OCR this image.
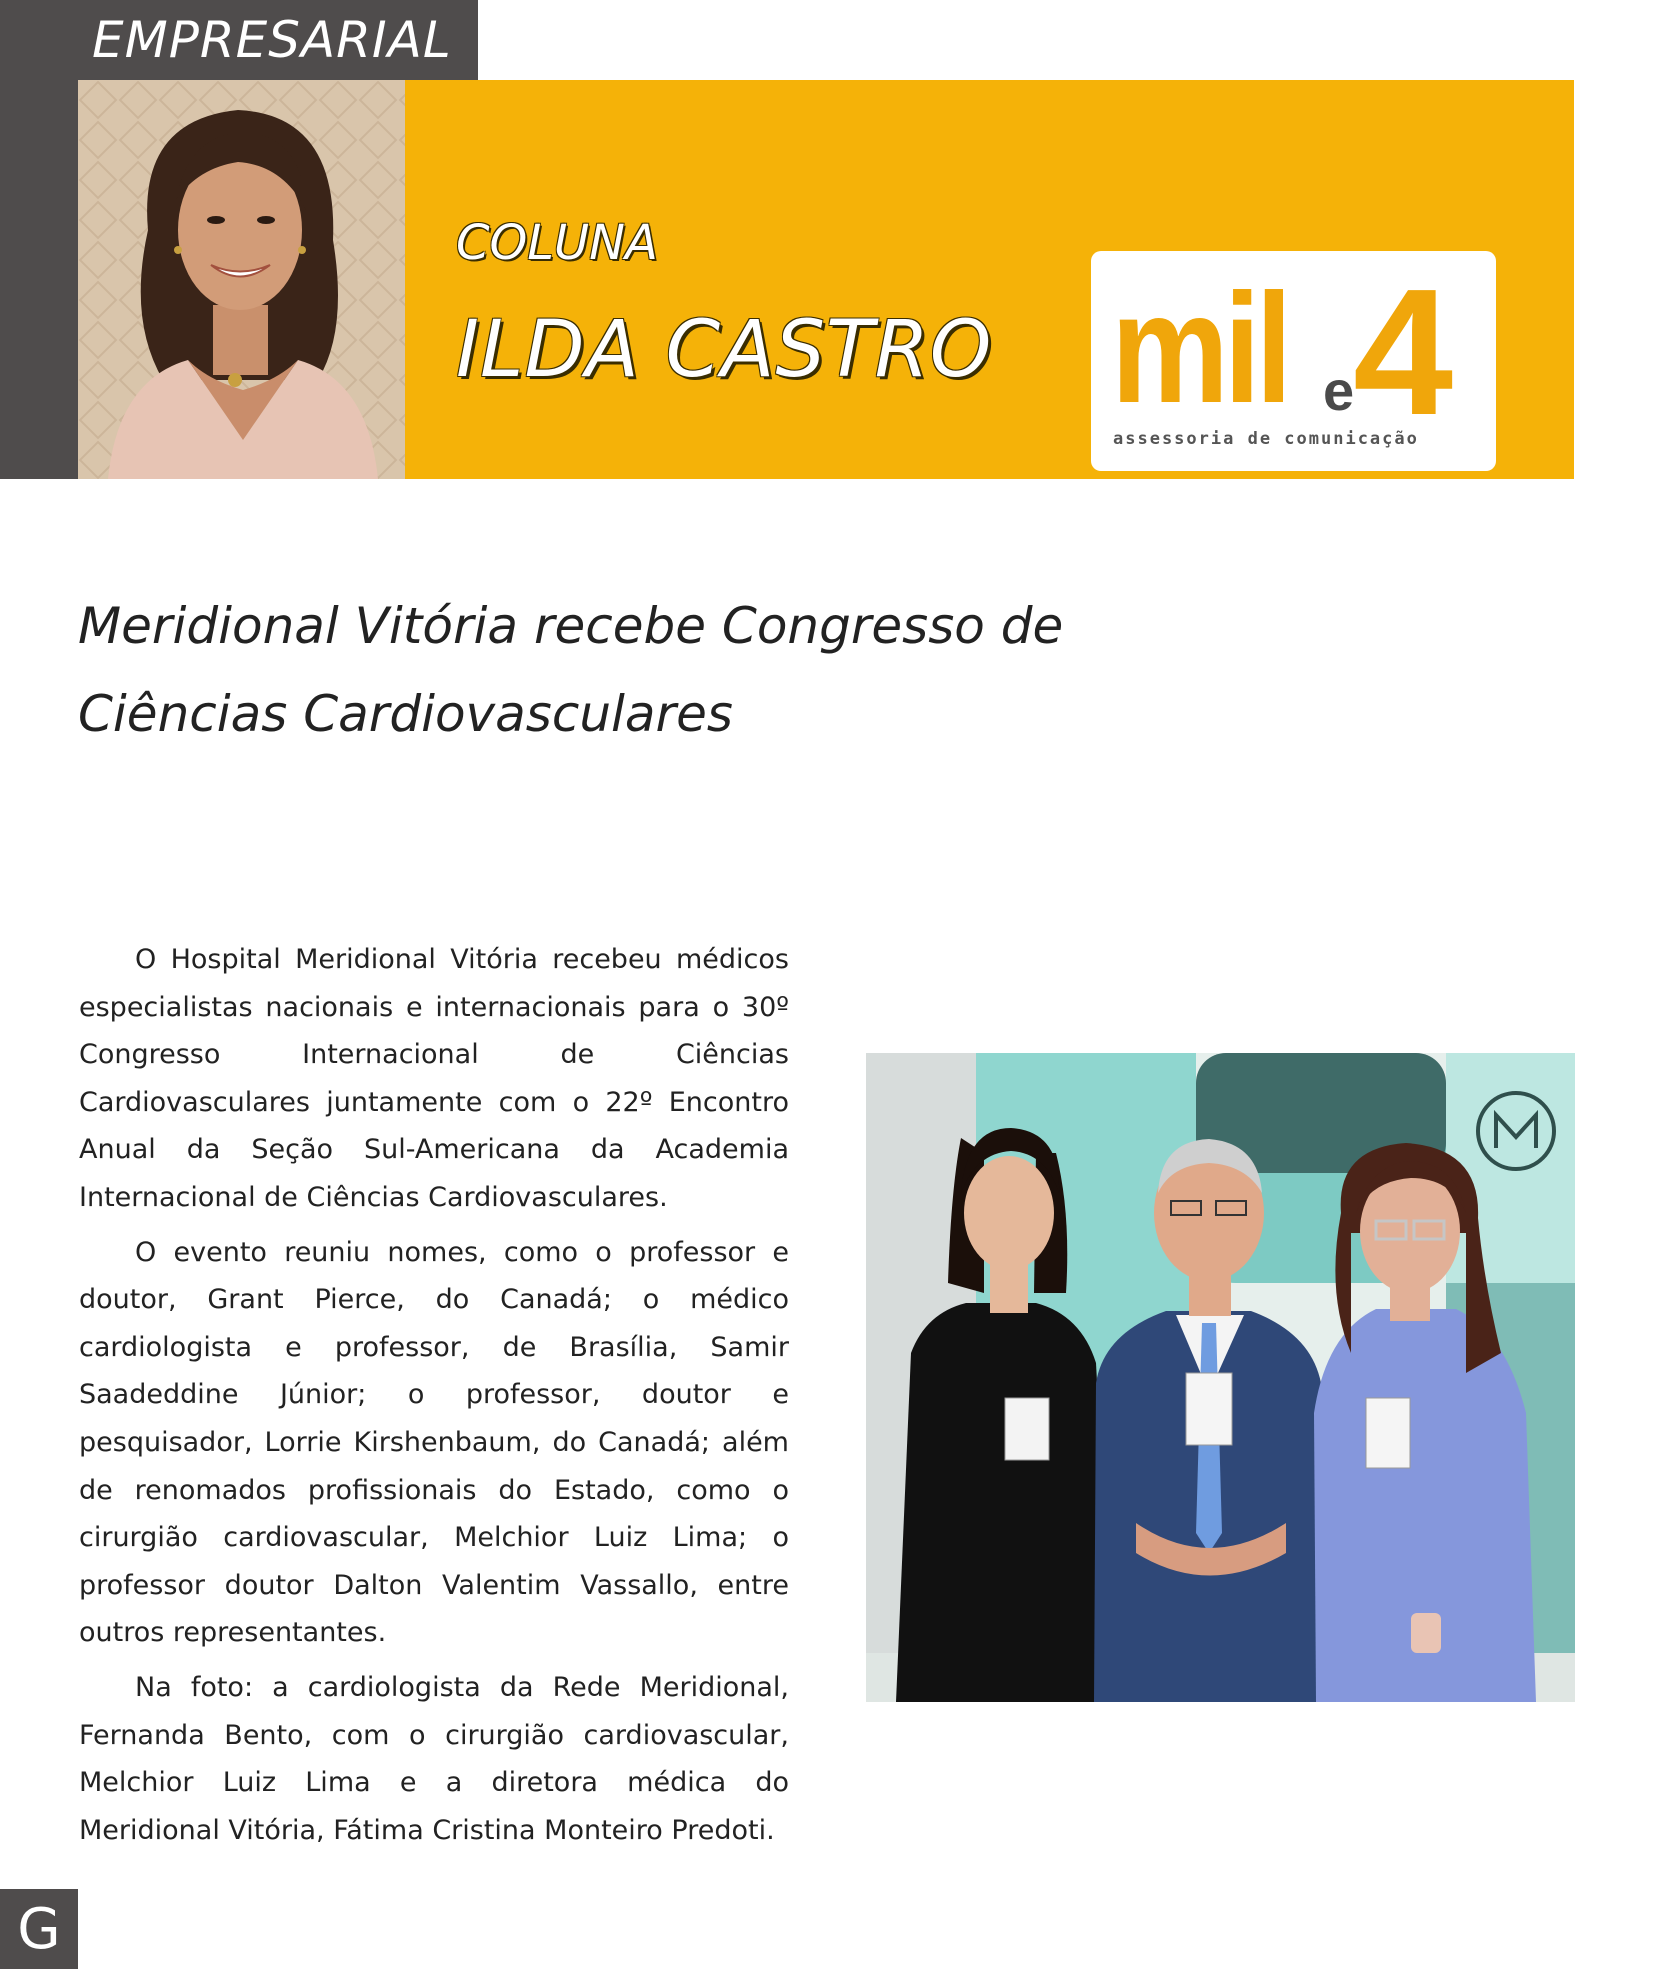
EMPRESARIAL
COLUNA
ILDA CASTRO mil e
4
assessoria de comunicação
Meridional Vitória recebe Congresso de
Ciências Cardiovasculares

O Hospital Meridional Vitória recebeu médicos especialistas nacionais e internacionais para o 30º Congresso Internacional de Ciências Cardiovasculares juntamente com o 22º Encontro Anual da Seção Sul-Americana da Academia Internacional de Ciências Cardiovasculares.

O evento reuniu nomes, como o professor e doutor, Grant Pierce, do Canadá; o médico cardiologista e professor, de Brasília, Samir Saadeddine Júnior; o professor, doutor e pesquisador, Lorrie Kirshenbaum, do Canadá; além de renomados profissionais do Estado, como o cirurgião cardiovascular, Melchior Luiz Lima; o professor doutor Dalton Valentim Vassallo, entre outros representantes.

Na foto: a cardiologista da Rede Meridional, Fernanda Bento, com o cirurgião cardiovascular, Melchior Luiz Lima e a diretora médica do Meridional Vitória, Fátima Cristina Monteiro Predoti.

G
